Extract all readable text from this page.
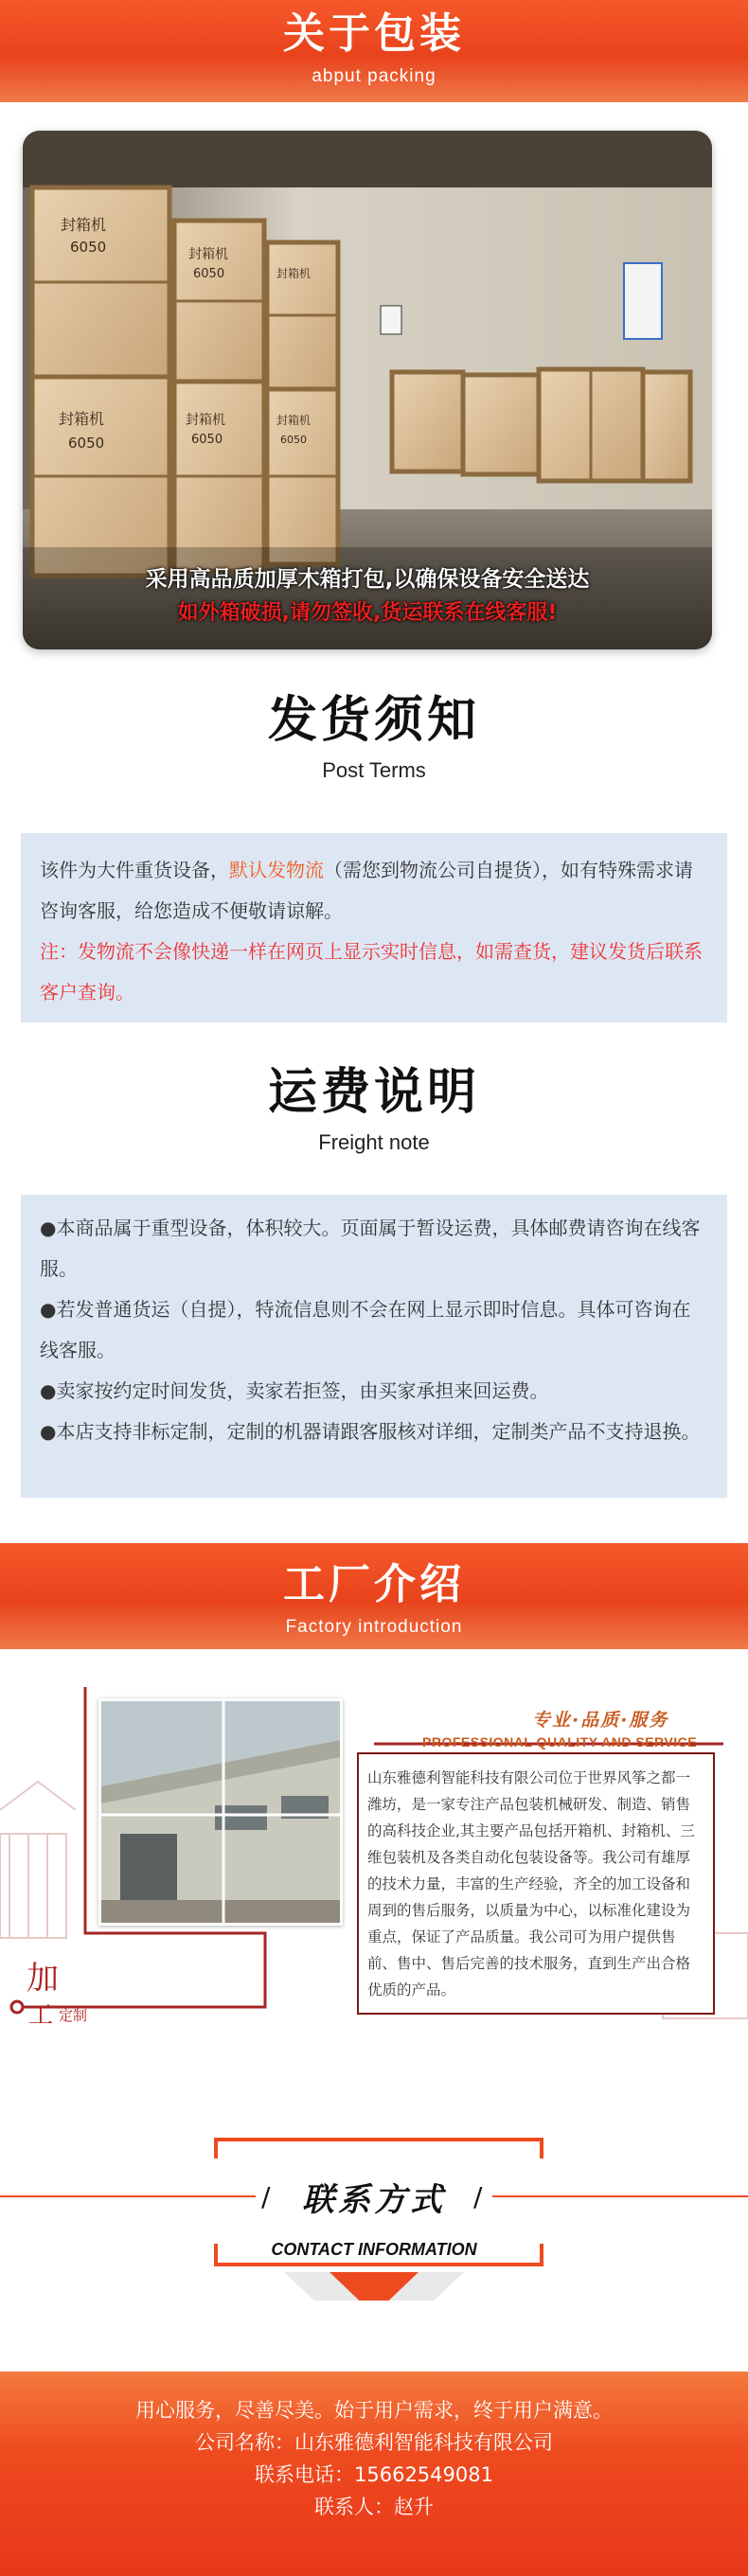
关于包装
abput packing
封箱机
6050
封箱机
6050
封箱机
6050
封箱机
6050
封箱机
封箱机
6050
采用高品质加厚木箱打包,以确保设备安全送达
如外箱破损,请勿签收,货运联系在线客服!
发货须知
Post Terms

该件为大件重货设备，默认发物流（需您到物流公司自提货），如有特殊需求请咨询客服，给您造成不便敬请谅解。

注：发物流不会像快递一样在网页上显示实时信息，如需查货，建议发货后联系客户查询。

运费说明
Freight note

●本商品属于重型设备，体积较大。页面属于暂设运费，具体邮费请咨询在线客服。

●若发普通货运（自提），特流信息则不会在网上显示即时信息。具体可咨询在线客服。

●卖家按约定时间发货，卖家若拒签，由买家承担来回运费。

●本店支持非标定制，定制的机器请跟客服核对详细，定制类产品不支持退换。

工厂介绍
Factory introduction
专业·品质·服务
PROFESSIONAL QUALITY AND SERVICE
山东雅德利智能科技有限公司位于世界风筝之都一潍坊，是一家专注产品包装机械研发、制造、销售的高科技企业,其主要产品包括开箱机、封箱机、三维包装机及各类自动化包装设备等。我公司有雄厚的技术力量，丰富的生产经验，齐全的加工设备和周到的售后服务，以质量为中心，以标准化建设为重点，保证了产品质量。我公司可为用户提供售前、售中、售后完善的技术服务，直到生产出合格优质的产品。
加
工 定制
/	/
联系方式
CONTACT INFORMATION

用心服务，尽善尽美。始于用户需求，终于用户满意。

公司名称：山东雅德利智能科技有限公司

联系电话：15662549081

联系人：赵升
